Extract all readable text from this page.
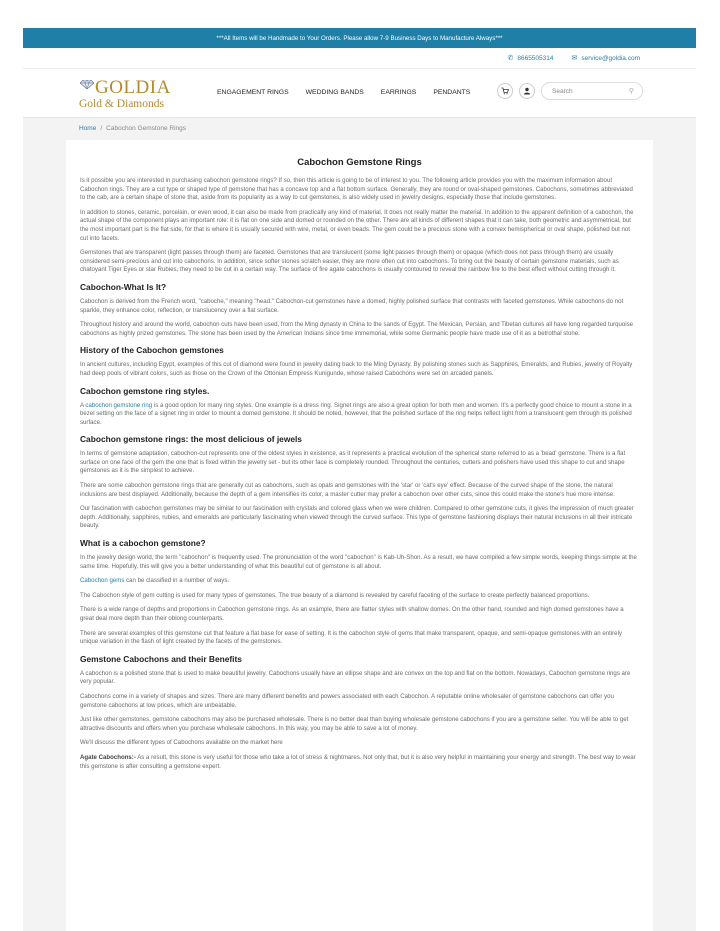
***All Items will be Handmade to Your Orders. Please allow 7-9 Business Days to Manufacture Always***
✆ 8665505314	✉ service@goldia.com
GOLDIA
Gold & Diamonds
ENGAGEMENT RINGS	WEDDING BANDS	EARRINGS	PENDANTS	Search	⚲
Home / Cabochon Gemstone Rings
Cabochon Gemstone Rings

Is it possible you are interested in purchasing cabochon gemstone rings? If so, then this article is going to be of interest to you. The following article provides you with the maximum information about Cabochon rings. They are a cut type or shaped type of gemstone that has a concave top and a flat bottom surface. Generally, they are round or oval-shaped gemstones. Cabochons, sometimes abbreviated to the cab, are a certain shape of stone that, aside from its popularity as a way to cut gemstones, is also widely used in jewelry designs, especially those that include gemstones.

In addition to stones, ceramic, porcelain, or even wood, it can also be made from practically any kind of material. It does not really matter the material. In addition to the apparent definition of a cabochon, the actual shape of the component plays an important role: it is flat on one side and domed or rounded on the other. There are all kinds of different shapes that it can take, both geometric and asymmetrical, but the most important part is the flat side, for that is where it is usually secured with wire, metal, or even beads. The gem could be a precious stone with a convex hemispherical or oval shape, polished but not cut into facets.

Gemstones that are transparent (light passes through them) are faceted. Gemstones that are translucent (some light passes through them) or opaque (which does not pass through them) are usually considered semi-precious and cut into cabochons. In addition, since softer stones scratch easier, they are more often cut into cabochons. To bring out the beauty of certain gemstone materials, such as chatoyant Tiger Eyes or star Rubies, they need to be cut in a certain way. The surface of fire agate cabochons is usually contoured to reveal the rainbow fire to the best effect without cutting through it.

Cabochon-What Is It?

Cabochon is derived from the French word, "caboche," meaning "head." Cabochon-cut gemstones have a domed, highly polished surface that contrasts with faceted gemstones. While cabochons do not sparkle, they enhance color, reflection, or translucency over a flat surface.

Throughout history and around the world, cabochon cuts have been used, from the Ming dynasty in China to the sands of Egypt. The Mexican, Persian, and Tibetan cultures all have long regarded turquoise cabochons as highly prized gemstones. The stone has been used by the American Indians since time immemorial, while some Germanic people have made use of it as a betrothal stone.

History of the Cabochon gemstones

In ancient cultures, including Egypt, examples of this cut of diamond were found in jewelry dating back to the Ming Dynasty. By polishing stones such as Sapphires, Emeralds, and Rubies, jewelry of Royalty had deep pools of vibrant colors, such as those on the Crown of the Ottonian Empress Kunigunde, whose raised Cabochons were set on arcaded panels.

Cabochon gemstone ring styles.

A cabochon gemstone ring is a good option for many ring styles. One example is a dress ring. Signet rings are also a great option for both men and women. It's a perfectly good choice to mount a stone in a bezel setting on the face of a signet ring in order to mount a domed gemstone. It should be noted, however, that the polished surface of the ring helps reflect light from a translucent gem through its polished surface.

Cabochon gemstone rings: the most delicious of jewels

In terms of gemstone adaptation, cabochon-cut represents one of the oldest styles in existence, as it represents a practical evolution of the spherical stone referred to as a 'bead' gemstone. There is a flat surface on one face of the gem the one that is fixed within the jewelry set - but its other face is completely rounded. Throughout the centuries, cutters and polishers have used this shape to cut and shape gemstones as it is the simplest to achieve.

There are some cabochon gemstone rings that are generally cut as cabochons, such as opals and gemstones with the 'star' or 'cat's eye' effect. Because of the curved shape of the stone, the natural inclusions are best displayed. Additionally, because the depth of a gem intensifies its color, a master cutter may prefer a cabochon over other cuts, since this could make the stone's hue more intense.

Our fascination with cabochon gemstones may be similar to our fascination with crystals and colored glass when we were children. Compared to other gemstone cuts, it gives the impression of much greater depth. Additionally, sapphires, rubies, and emeralds are particularly fascinating when viewed through the curved surface. This type of gemstone fashioning displays their natural inclusions in all their intricate beauty.

What is a cabochon gemstone?

In the jewelry design world, the term "cabochon" is frequently used. The pronunciation of the word "cabochon" is Kab-Uh-Shon. As a result, we have compiled a few simple words, keeping things simple at the same time. Hopefully, this will give you a better understanding of what this beautiful cut of gemstone is all about.

Cabochon gems can be classified in a number of ways.

The Cabochon style of gem cutting is used for many types of gemstones. The true beauty of a diamond is revealed by careful faceting of the surface to create perfectly balanced proportions.

There is a wide range of depths and proportions in Cabochon gemstone rings. As an example, there are flatter styles with shallow domes. On the other hand, rounded and high domed gemstones have a great deal more depth than their oblong counterparts.

There are several examples of this gemstone cut that feature a flat base for ease of setting. It is the cabochon style of gems that make transparent, opaque, and semi-opaque gemstones with an entirely unique variation in the flash of light created by the facets of the gemstones.

Gemstone Cabochons and their Benefits

A cabochon is a polished stone that is used to make beautiful jewelry. Cabochons usually have an ellipse shape and are convex on the top and flat on the bottom. Nowadays, Cabochon gemstone rings are very popular.

Cabochons come in a variety of shapes and sizes. There are many different benefits and powers associated with each Cabochon. A reputable online wholesaler of gemstone cabochons can offer you gemstone cabochons at low prices, which are unbeatable.

Just like other gemstones, gemstone cabochons may also be purchased wholesale. There is no better deal than buying wholesale gemstone cabochons if you are a gemstone seller. You will be able to get attractive discounts and offers when you purchase wholesale cabochons. In this way, you may be able to save a lot of money.

We'll discuss the different types of Cabochons available on the market here

Agate Cabochons:- As a result, this stone is very useful for those who take a lot of stress & nightmares. Not only that, but it is also very helpful in maintaining your energy and strength. The best way to wear this gemstone is after consulting a gemstone expert.
